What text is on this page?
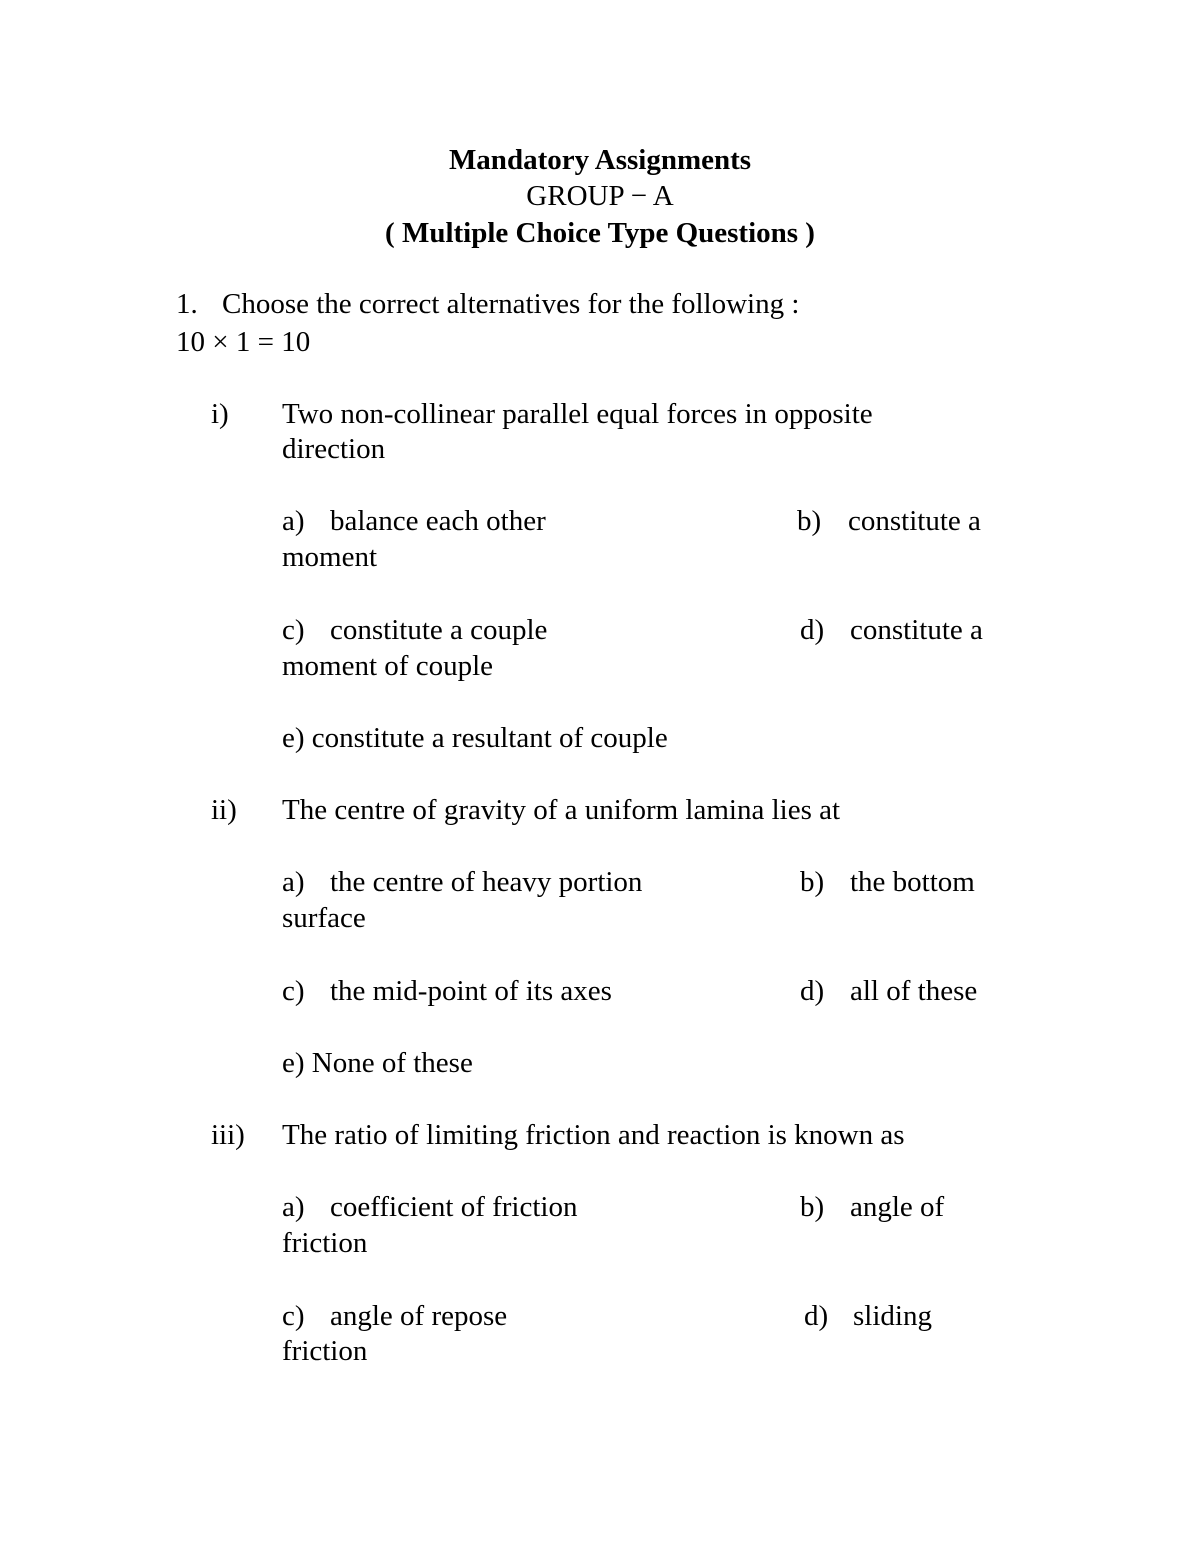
Mandatory Assignments
GROUP − A
( Multiple Choice Type Questions )
1. Choose the correct alternatives for the following :
10 × 1 = 10
i) Two non-collinear parallel equal forces in opposite
direction
a) balance each other	b) constitute a
moment
c) constitute a couple	d) constitute a
moment of couple
e) constitute a resultant of couple
ii) The centre of gravity of a uniform lamina lies at
a) the centre of heavy portion	b) the bottom
surface
c) the mid-point of its axes	d) all of these
e) None of these
iii) The ratio of limiting friction and reaction is known as
a) coefficient of friction	b) angle of
friction
c) angle of repose	d) sliding
friction
